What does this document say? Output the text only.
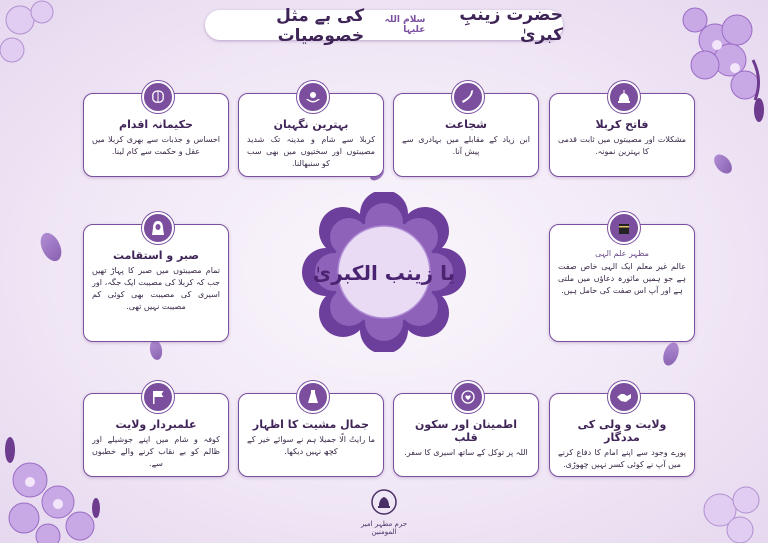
حضرت زینبِ کبریٰ
سلام اللہ علیہا
کی بے مثل خصوصیات
فاتح کربلا
مشکلات اور مصیبتوں میں ثابت قدمی کا بہترین نمونہ.
شجاعت
ابن زیاد کے مقابلے میں بہادری سے پیش آنا.
بہترین نگہبان
کربلا سے شام و مدینہ تک شدید مصیبتوں اور سختیوں میں بھی سب کو سنبھالنا.
حکیمانہ اقدام
احساس و جذبات سے بھری کربلا میں عقل و حکمت سے کام لینا.
مظہر علم الہی
عالم غیر معلم ایک الہی خاص صفت ہے جو ہمیں ماثورہ دعاؤں میں ملتی ہے اور آپ اس صفت کی حامل ہیں.
صبر و استقامت
تمام مصیبتوں میں صبر کا پہاڑ تھیں جب کہ کربلا کی مصیبت ایک جگہ، اور اسیری کی مصیبت بھی کوئی کم مصیبت نہیں تھی.
یا زینب الکبریٰ
ولایت و ولی کی مددگار
پورے وجود سے اپنے امام کا دفاع کرنے میں آپ نے کوئی کسر نہیں چھوڑی.
اطمینان اور سکون قلب
اللہ پر توکل کے ساتھ اسیری کا سفر.
جمال مشیت کا اظہار
ما رایتُ الّا جمیلا ہم نے سوائے خیر کے کچھ نہیں دیکھا.
علمبردار ولایت
کوفہ و شام میں اپنے جوشیلے اور ظالم کو بے نقاب کرنے والے خطبوں سے.
حرم مطہر امیر المومنین
